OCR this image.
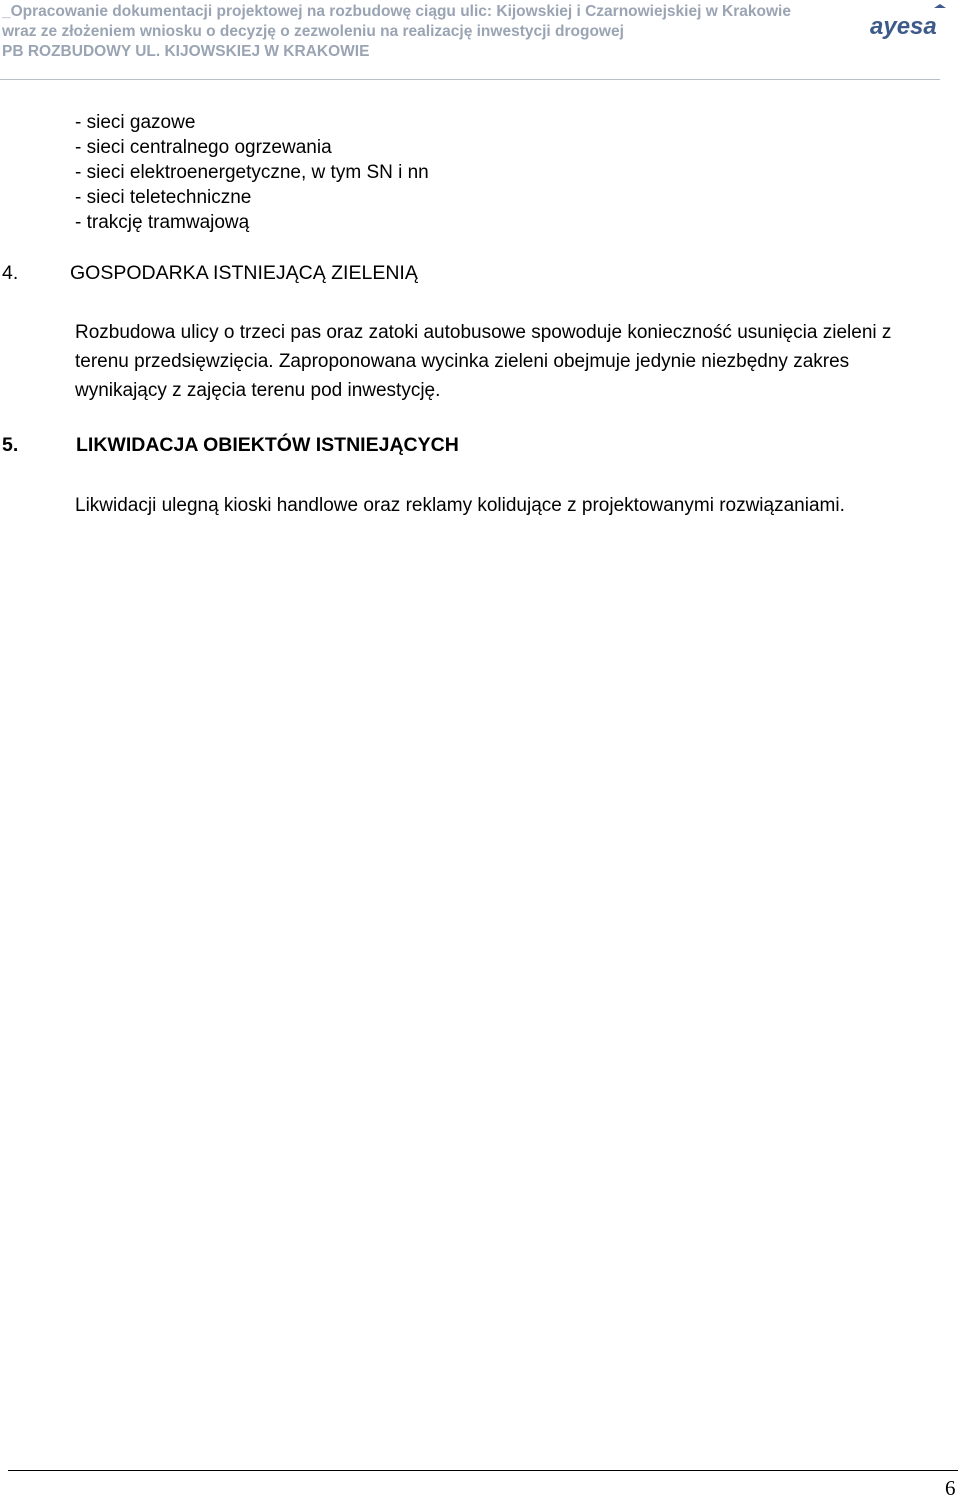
_Opracowanie dokumentacji projektowej na rozbudowę ciągu ulic: Kijowskiej i Czarnowiejskiej w Krakowie
wraz ze złożeniem wniosku o decyzję o zezwoleniu na realizację inwestycji drogowej
PB ROZBUDOWY UL. KIJOWSKIEJ W KRAKOWIE
ayesa
- sieci gazowe
- sieci centralnego ogrzewania
- sieci elektroenergetyczne, w tym SN i nn
- sieci teletechniczne
- trakcję tramwajową
4.	GOSPODARKA ISTNIEJĄCĄ ZIELENIĄ
Rozbudowa ulicy o trzeci pas oraz zatoki autobusowe spowoduje konieczność usunięcia zieleni z terenu przedsięwzięcia. Zaproponowana wycinka zieleni obejmuje jedynie niezbędny zakres wynikający z zajęcia terenu pod inwestycję.
5.	LIKWIDACJA OBIEKTÓW ISTNIEJĄCYCH
Likwidacji ulegną kioski handlowe oraz reklamy kolidujące z projektowanymi rozwiązaniami.
6
